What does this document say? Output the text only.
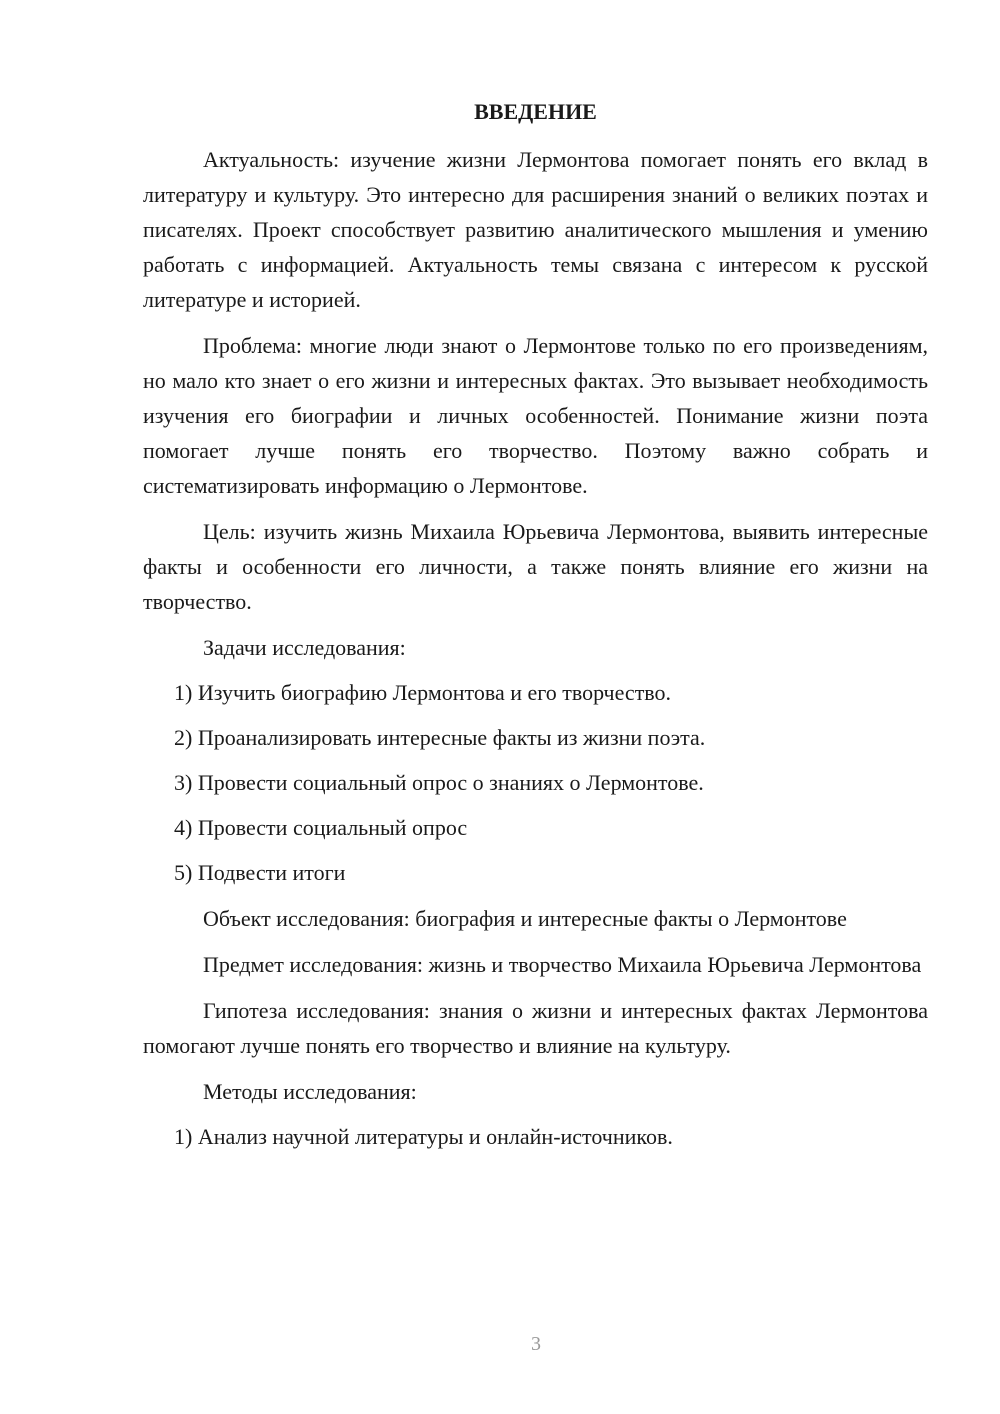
ВВЕДЕНИЕ

Актуальность: изучение жизни Лермонтова помогает понять его вклад в литературу и культуру. Это интересно для расширения знаний о великих поэтах и писателях. Проект способствует развитию аналитического мышления и умению работать с информацией. Актуальность темы связана с интересом к русской литературе и историей.

Проблема: многие люди знают о Лермонтове только по его произведениям, но мало кто знает о его жизни и интересных фактах. Это вызывает необходимость изучения его биографии и личных особенностей. Понимание жизни поэта помогает лучше понять его творчество. Поэтому важно собрать и систематизировать информацию о Лермонтове.

Цель: изучить жизнь Михаила Юрьевича Лермонтова, выявить интересные факты и особенности его личности, а также понять влияние его жизни на творчество.

Задачи исследования:

1) Изучить биографию Лермонтова и его творчество.
2) Проанализировать интересные факты из жизни поэта.
3) Провести социальный опрос о знаниях о Лермонтове.
4) Провести социальный опрос
5) Подвести итоги

Объект исследования: биография и интересные факты о Лермонтове

Предмет исследования: жизнь и творчество Михаила Юрьевича Лермонтова

Гипотеза исследования: знания о жизни и интересных фактах Лермонтова помогают лучше понять его творчество и влияние на культуру.

Методы исследования:

1) Анализ научной литературы и онлайн-источников.
3
